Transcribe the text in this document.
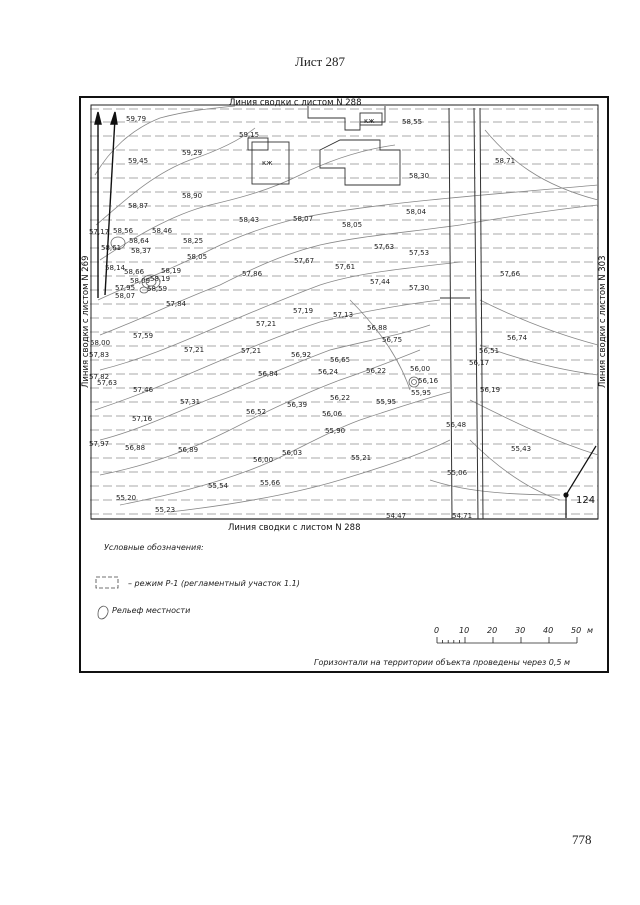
Лист 287
кж
кж
124
Линия сводки с листом N 288
Линия сводки с листом N 288
Линия сводки с листом N 269	Линия сводки с листом N 303
59,79
59,15
58,55
59,29
59,45	58,71
58,30
58,90
58,87
58,43	58,07
58,04
58,05
58,56	58,46
58,64	58,25
58,61 58,37	57,63
57,53
58,05	57,67
57,61
58,14
58,66 58,19	57,86	57,66
58,09 58,19	57,44
57,95 58,59	57,30
58,07
57,84
57,19	57,13
57,21	56,88
57,59
58,00	56,75	56,74
57,83
57,21	57,21	56,92
56,65
56,51
56,17
56,84	56,24	56,22	56,00
57,63
57,46
56,16
57,31
56,52
56,39
56,22	55,95
55,95	56,19
57,16
56,06
55,90
56,48
56,88	56,89	56,03
56,00
55,43
55,21
55,06
55,54	55,66
55,20
55,23
54,47	54,71
57,17
57,82
57,97
Условные обозначения:
– режим Р-1 (регламентный участок 1.1)
Рельеф местности
0 10 20 30 40 50 м
Горизонтали на территории объекта проведены через 0,5 м
778
